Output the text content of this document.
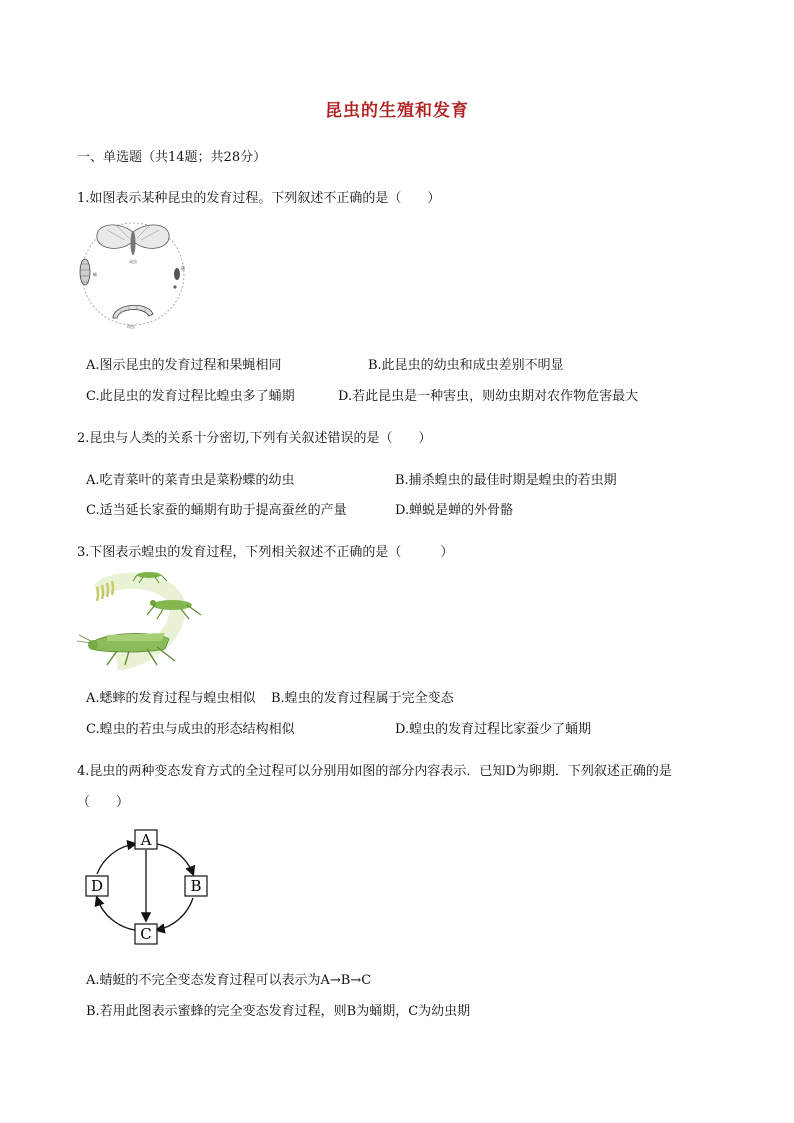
昆虫的生殖和发育
一、单选题（共14题；共28分）
1.如图表示某种昆虫的发育过程。下列叙述不正确的是（　　）
成虫
蛹
卵
幼虫
A.图示昆虫的发育过程和果蝇相同	B.此昆虫的幼虫和成虫差别不明显
C.此昆虫的发育过程比蝗虫多了蛹期	D.若此昆虫是一种害虫，则幼虫期对农作物危害最大
2.昆虫与人类的关系十分密切,下列有关叙述错误的是（　　）
A.吃青菜叶的菜青虫是菜粉蝶的幼虫	B.捕杀蝗虫的最佳时期是蝗虫的若虫期
C.适当延长家蚕的蛹期有助于提高蚕丝的产量	D.蝉蜕是蝉的外骨骼
3.下图表示蝗虫的发育过程，下列相关叙述不正确的是（　　　）
A.蟋蟀的发育过程与蝗虫相似 B.蝗虫的发育过程属于完全变态
C.蝗虫的若虫与成虫的形态结构相似	D.蝗虫的发育过程比家蚕少了蛹期
4.昆虫的两种变态发育方式的全过程可以分别用如图的部分内容表示．已知D为卵期．下列叙述正确的是
（　　）
A
B
C
D
A.蜻蜓的不完全变态发育过程可以表示为A→B→C
B.若用此图表示蜜蜂的完全变态发育过程，则B为蛹期，C为幼虫期
